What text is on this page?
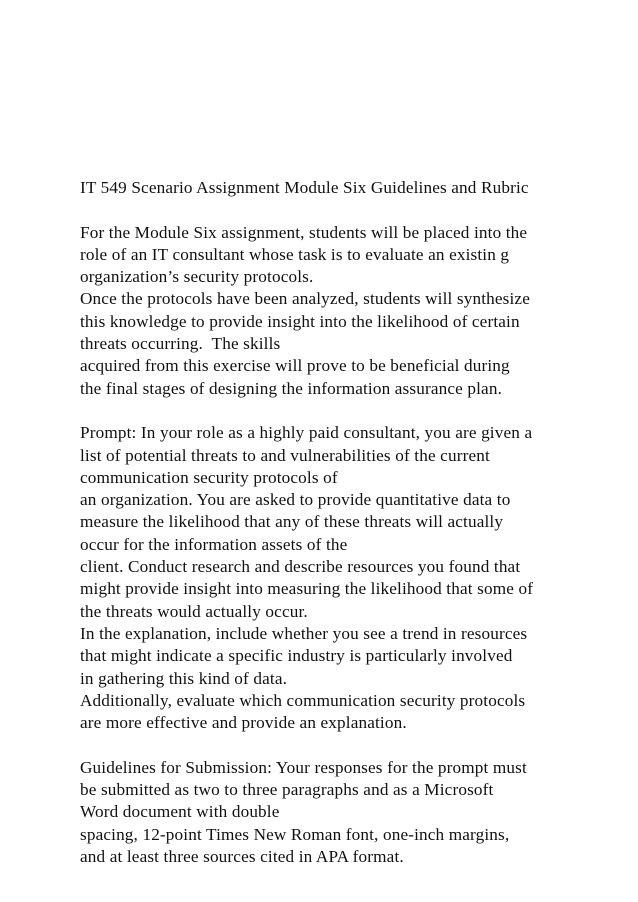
IT 549 Scenario Assignment Module Six Guidelines and Rubric
For the Module Six assignment, students will be placed into the
role of an IT consultant whose task is to evaluate an existin g
organization’s security protocols.
Once the protocols have been analyzed, students will synthesize
this knowledge to provide insight into the likelihood of certain
threats occurring.  The skills
acquired from this exercise will prove to be beneficial during
the final stages of designing the information assurance plan.
Prompt: In your role as a highly paid consultant, you are given a
list of potential threats to and vulnerabilities of the current
communication security protocols of
an organization. You are asked to provide quantitative data to
measure the likelihood that any of these threats will actually
occur for the information assets of the
client. Conduct research and describe resources you found that
might provide insight into measuring the likelihood that some of
the threats would actually occur.
In the explanation, include whether you see a trend in resources
that might indicate a specific industry is particularly involved
in gathering this kind of data.
Additionally, evaluate which communication security protocols
are more effective and provide an explanation.
Guidelines for Submission: Your responses for the prompt must
be submitted as two to three paragraphs and as a Microsoft
Word document with double
spacing, 12-point Times New Roman font, one-inch margins,
and at least three sources cited in APA format.
